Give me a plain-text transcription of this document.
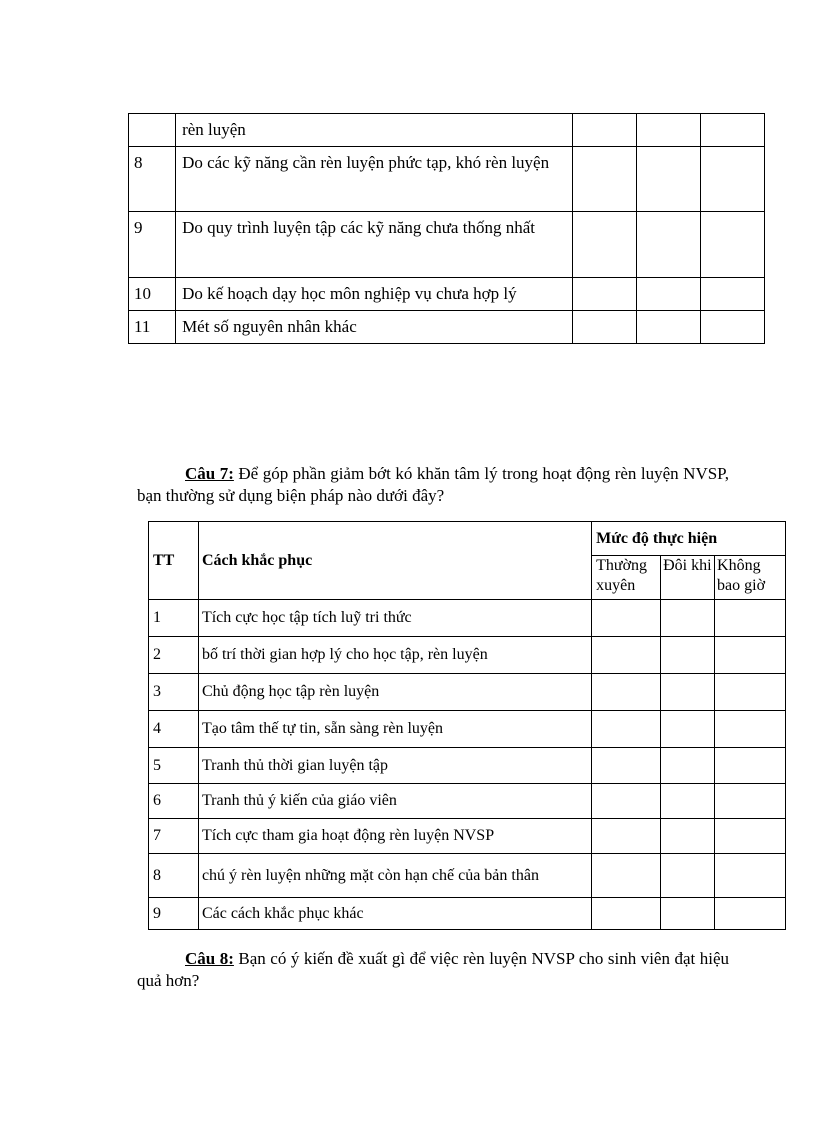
	rèn luyện			
8	Do các kỹ năng cần rèn luyện phức tạp, khó rèn luyện			
9	Do quy trình luyện tập các kỹ năng chưa thống nhất			
10	Do kế hoạch dạy học môn nghiệp vụ chưa hợp lý			
11	Mét số nguyên nhân khác			

Câu 7: Để góp phần giảm bớt kó khăn tâm lý trong hoạt động rèn luyện NVSP, bạn thường sử dụng biện pháp nào dưới đây?

TT	Cách khắc phục	Mức độ thực hiện		
		Thường xuyên	Đôi khi	Không bao giờ
1	Tích cực học tập tích luỹ tri thức			
2	bố trí thời gian hợp lý cho học tập, rèn luyện			
3	Chủ động học tập rèn luyện			
4	Tạo tâm thế tự tin, sẵn sàng rèn luyện			
5	Tranh thủ thời gian luyện tập			
6	Tranh thủ ý kiến của giáo viên			
7	Tích cực tham gia hoạt động rèn luyện NVSP			
8	chú ý rèn luyện những mặt còn hạn chế của bản thân			
9	Các cách khắc phục khác			

Câu 8: Bạn có ý kiến đề xuất gì để việc rèn luyện NVSP cho sinh viên đạt hiệu quả hơn?
